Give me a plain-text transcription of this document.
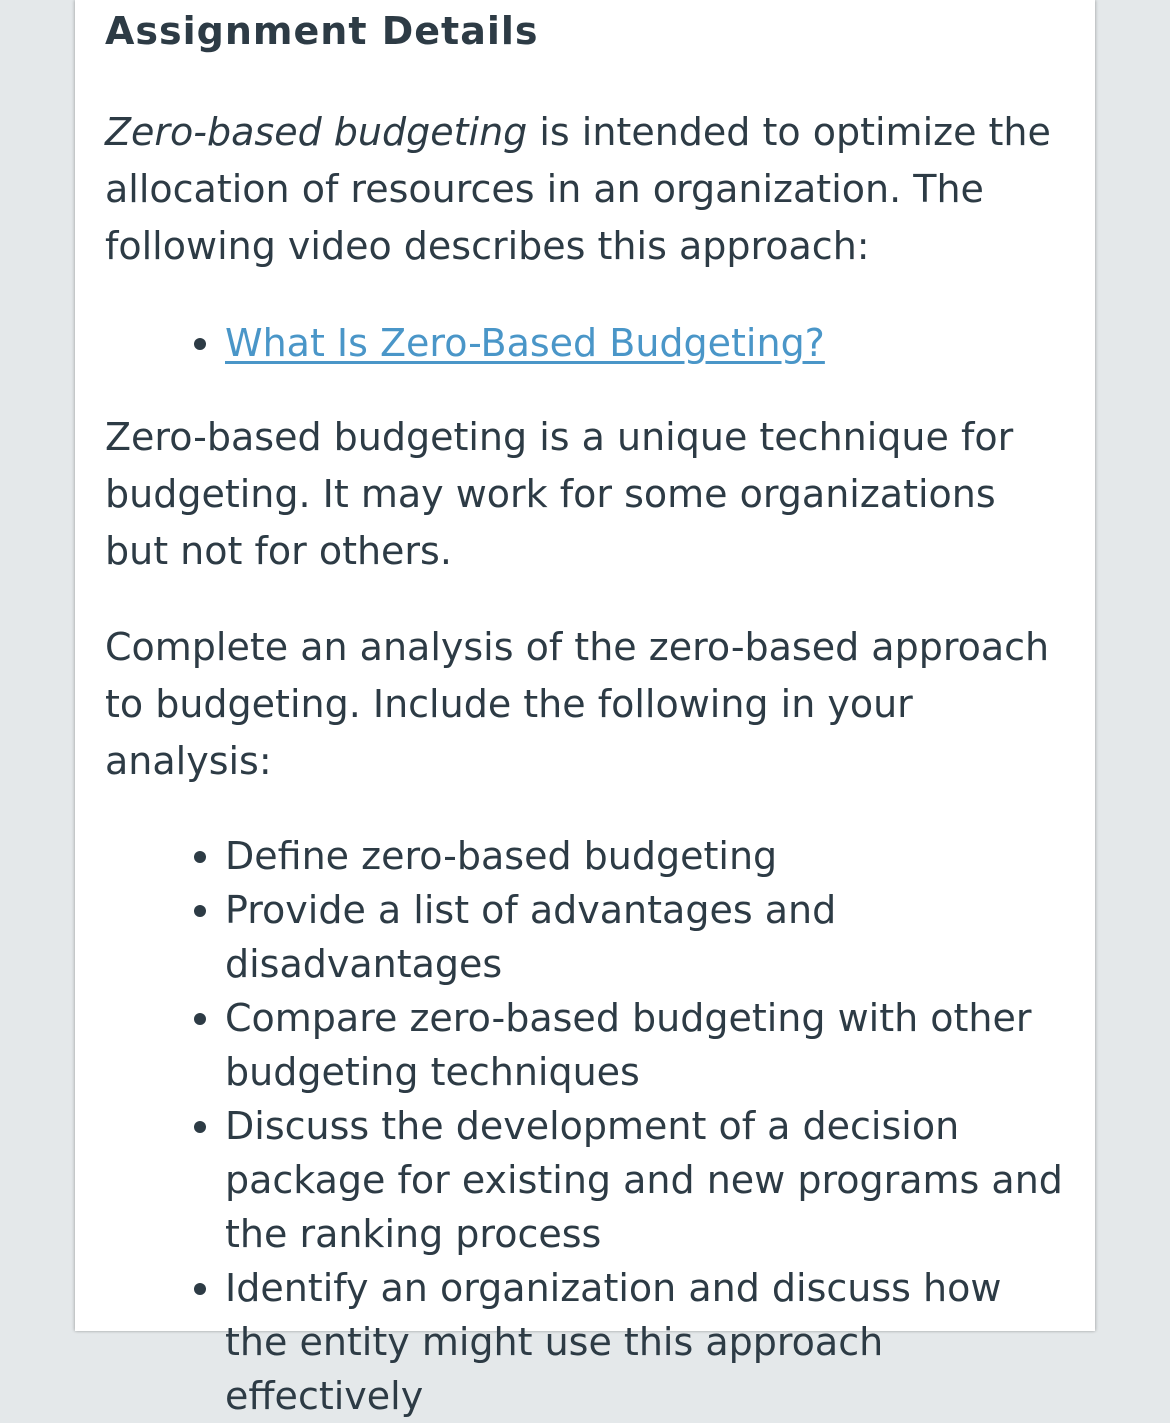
Assignment Details

Zero-based budgeting is intended to optimize the allocation of resources in an organization. The following video describes this approach:

• What Is Zero-Based Budgeting?

Zero-based budgeting is a unique technique for budgeting. It may work for some organizations but not for others.

Complete an analysis of the zero-based approach to budgeting. Include the following in your analysis:

• Define zero-based budgeting
• Provide a list of advantages and disadvantages
• Compare zero-based budgeting with other budgeting techniques
• Discuss the development of a decision package for existing and new programs and the ranking process
• Identify an organization and discuss how the entity might use this approach effectively
